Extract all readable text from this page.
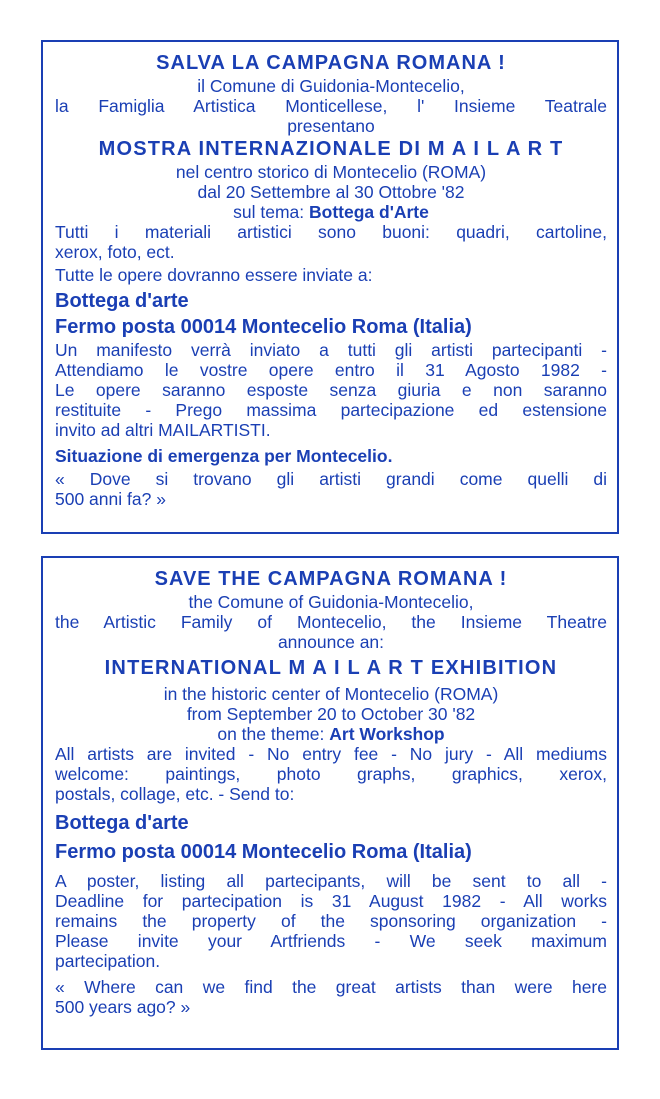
SALVA LA CAMPAGNA ROMANA !
il Comune di Guidonia-Montecelio,
la Famiglia Artistica Monticellese, l' Insieme Teatrale
presentano
MOSTRA INTERNAZIONALE DI M A I L A R T
nel centro storico di Montecelio (ROMA)
dal 20 Settembre al 30 Ottobre '82
sul tema: Bottega d'Arte
Tutti i materiali artistici sono buoni: quadri, cartoline,
xerox, foto, ect.
Tutte le opere dovranno essere inviate a:
Bottega d'arte
Fermo posta 00014 Montecelio Roma (Italia)
Un manifesto verrà inviato a tutti gli artisti partecipanti -
Attendiamo le vostre opere entro il 31 Agosto 1982 -
Le opere saranno esposte senza giuria e non saranno
restituite - Prego massima partecipazione ed estensione
invito ad altri MAILARTISTI.
Situazione di emergenza per Montecelio.
« Dove si trovano gli artisti grandi come quelli di
500 anni fa? »
SAVE THE CAMPAGNA ROMANA !
the Comune of Guidonia-Montecelio,
the Artistic Family of Montecelio, the Insieme Theatre
announce an:
INTERNATIONAL M A I L A R T EXHIBITION
in the historic center of Montecelio (ROMA)
from September 20 to October 30 '82
on the theme: Art Workshop
All artists are invited - No entry fee - No jury - All mediums
welcome: paintings, photo graphs, graphics, xerox,
postals, collage, etc. - Send to:
Bottega d'arte
Fermo posta 00014 Montecelio Roma (Italia)
A poster, listing all partecipants, will be sent to all -
Deadline for partecipation is 31 August 1982 - All works
remains the property of the sponsoring organization -
Please invite your Artfriends - We seek maximum
partecipation.
« Where can we find the great artists than were here
500 years ago? »
